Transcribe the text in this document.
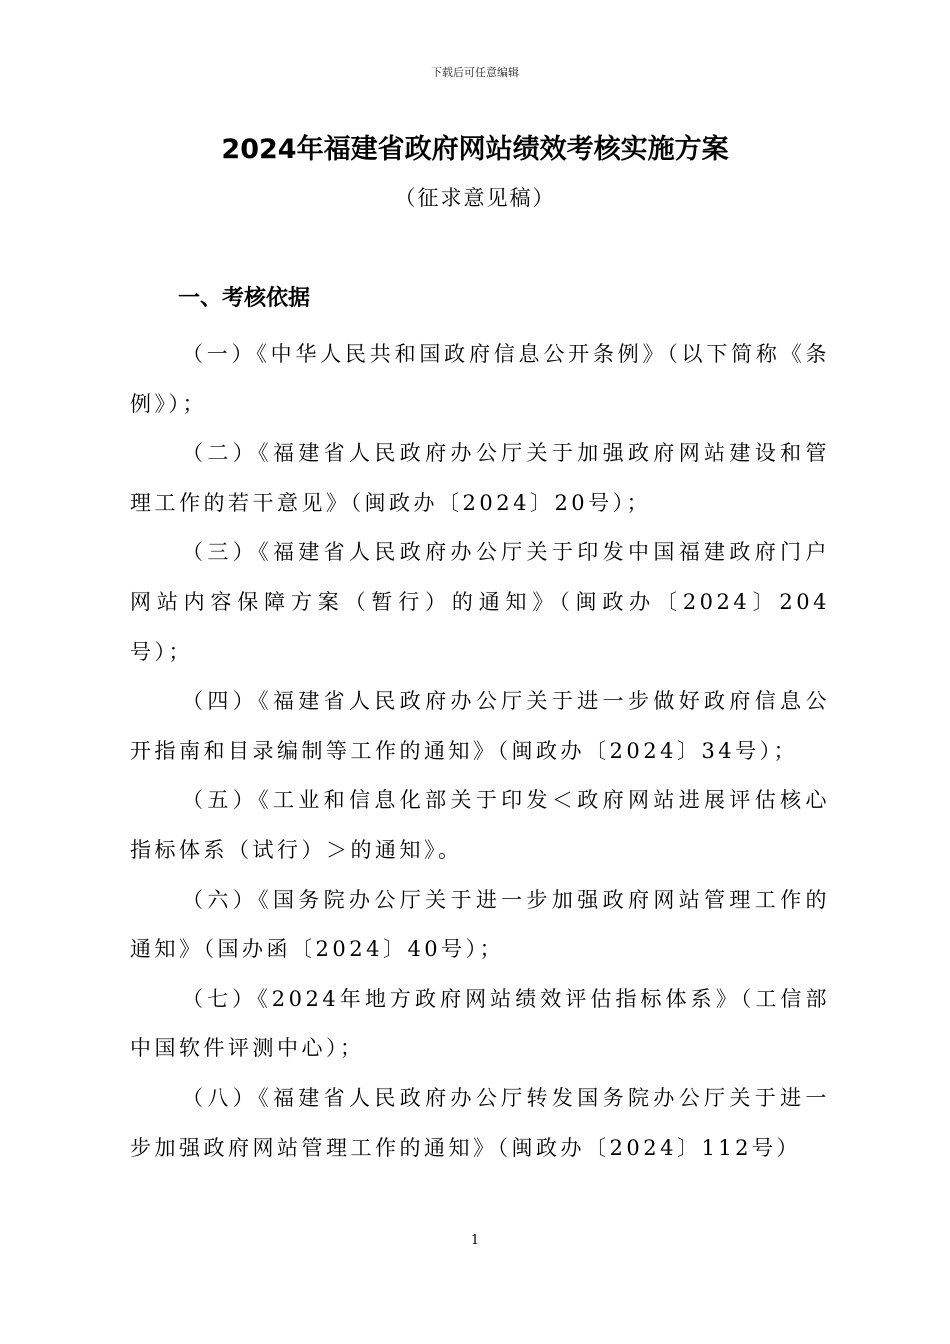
下载后可任意编辑
2024年福建省政府网站绩效考核实施方案
（征求意见稿）
一、考核依据
（一）《中华人民共和国政府信息公开条例》（以下简称《条例》）；
（二）《福建省人民政府办公厅关于加强政府网站建设和管理工作的若干意见》（闽政办〔2024〕20号）；
（三）《福建省人民政府办公厅关于印发中国福建政府门户网站内容保障方案（暂行）的通知》（闽政办〔2024〕204号）；
（四）《福建省人民政府办公厅关于进一步做好政府信息公开指南和目录编制等工作的通知》（闽政办〔2024〕34号）；
（五）《工业和信息化部关于印发＜政府网站进展评估核心指标体系（试行）＞的通知》。
（六）《国务院办公厅关于进一步加强政府网站管理工作的通知》（国办函〔2024〕40号）；
（七）《2024年地方政府网站绩效评估指标体系》（工信部中国软件评测中心）；
（八）《福建省人民政府办公厅转发国务院办公厅关于进一步加强政府网站管理工作的通知》（闽政办〔2024〕112号）
1
